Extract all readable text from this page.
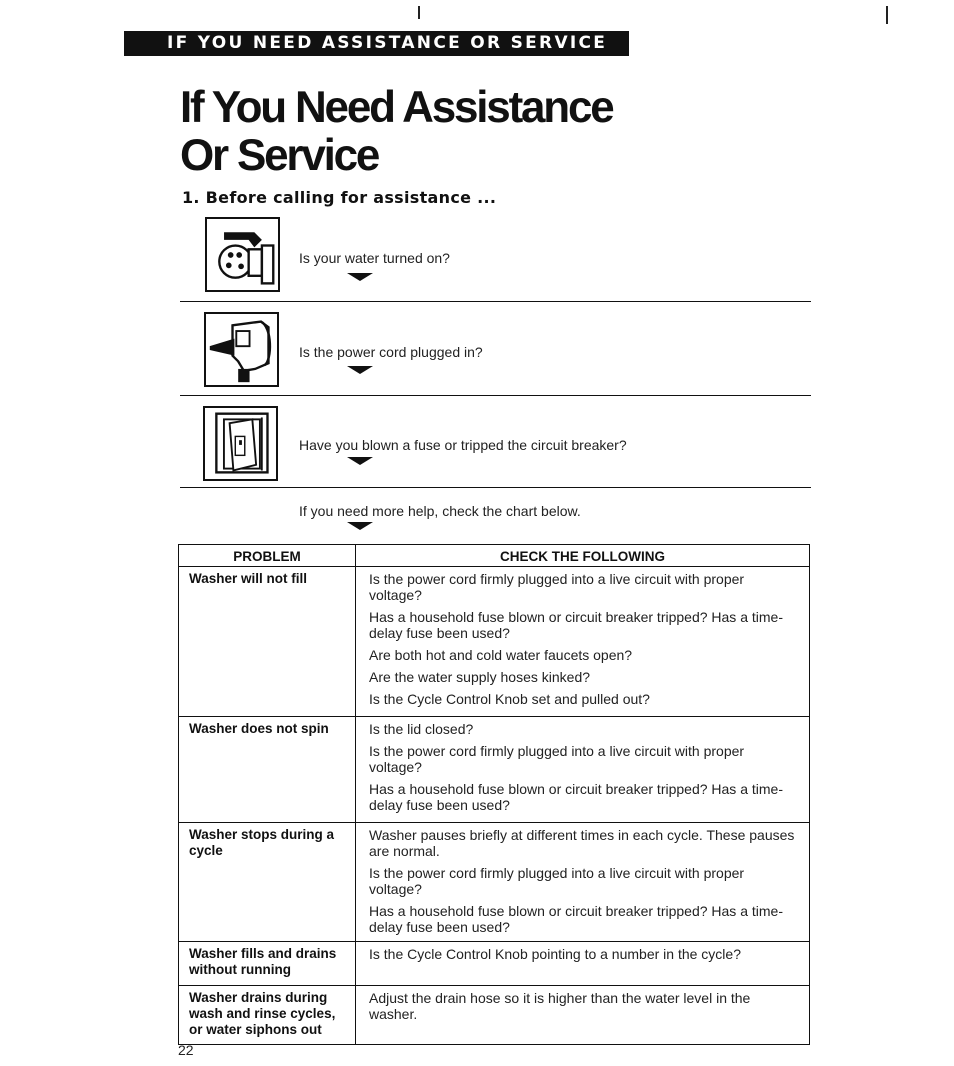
IF YOU NEED ASSISTANCE OR SERVICE
If You Need Assistance
Or Service
1. Before calling for assistance ...
Is your water turned on?
Is the power cord plugged in?
Have you blown a fuse or tripped the circuit breaker?
If you need more help, check the chart below.
PROBLEM	CHECK THE FOLLOWING
Washer will not fill	Is the power cord firmly plugged into a live circuit with proper voltage?
Has a household fuse blown or circuit breaker tripped? Has a time-delay fuse been used?
Are both hot and cold water faucets open?
Are the water supply hoses kinked?
Is the Cycle Control Knob set and pulled out?

Washer does not spin	Is the lid closed?
Is the power cord firmly plugged into a live circuit with proper voltage?
Has a household fuse blown or circuit breaker tripped? Has a time-delay fuse been used?

Washer stops during a cycle	Washer pauses briefly at different times in each cycle. These pauses are normal.
Is the power cord firmly plugged into a live circuit with proper voltage?
Has a household fuse blown or circuit breaker tripped? Has a time-delay fuse been used?

Washer fills and drains without running	Is the Cycle Control Knob pointing to a number in the cycle?

Washer drains during wash and rinse cycles, or water siphons out	Adjust the drain hose so it is higher than the water level in the washer.
22
